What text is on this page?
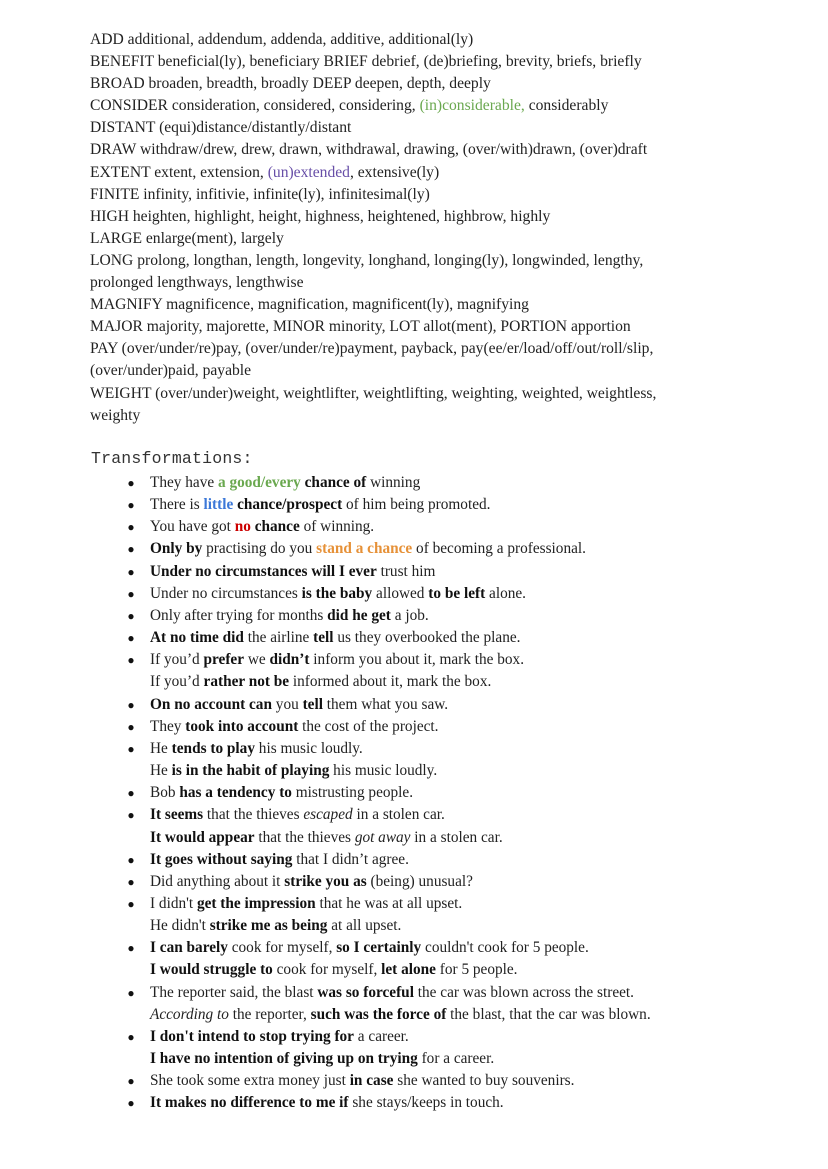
ADD additional, addendum, addenda, additive, additional(ly)

BENEFIT beneficial(ly), beneficiary BRIEF debrief, (de)briefing, brevity, briefs, briefly

BROAD broaden, breadth, broadly DEEP deepen, depth, deeply

CONSIDER consideration, considered, considering, (in)considerable, considerably

DISTANT (equi)distance/distantly/distant

DRAW withdraw/drew, drew, drawn, withdrawal, drawing, (over/with)drawn, (over)draft

EXTENT extent, extension, (un)extended, extensive(ly)

FINITE infinity, infitivie, infinite(ly), infinitesimal(ly)

HIGH heighten, highlight, height, highness, heightened, highbrow, highly

LARGE enlarge(ment), largely

LONG prolong, longthan, length, longevity, longhand, longing(ly), longwinded, lengthy,

prolonged lengthways, lengthwise

MAGNIFY magnificence, magnification, magnificent(ly), magnifying

MAJOR majority, majorette, MINOR minority, LOT allot(ment), PORTION apportion

PAY (over/under/re)pay, (over/under/re)payment, payback, pay(ee/er/load/off/out/roll/slip,

(over/under)paid, payable

WEIGHT (over/under)weight, weightlifter, weightlifting, weighting, weighted, weightless,

weighty

Transformations:
● They have a good/every chance of winning
● There is little chance/prospect of him being promoted.
● You have got no chance of winning.
● Only by practising do you stand a chance of becoming a professional.
● Under no circumstances will I ever trust him
● Under no circumstances is the baby allowed to be left alone.
● Only after trying for months did he get a job.
● At no time did the airline tell us they overbooked the plane.
● If you’d prefer we didn’t inform you about it, mark the box.
If you’d rather not be informed about it, mark the box.
● On no account can you tell them what you saw.
● They took into account the cost of the project.
● He tends to play his music loudly.
He is in the habit of playing his music loudly.
● Bob has a tendency to mistrusting people.
● It seems that the thieves escaped in a stolen car.
It would appear that the thieves got away in a stolen car.
● It goes without saying that I didn’t agree.
● Did anything about it strike you as (being) unusual?
● I didn't get the impression that he was at all upset.
He didn't strike me as being at all upset.
● I can barely cook for myself, so I certainly couldn't cook for 5 people.
I would struggle to cook for myself, let alone for 5 people.
● The reporter said, the blast was so forceful the car was blown across the street.
According to the reporter, such was the force of the blast, that the car was blown.
● I don't intend to stop trying for a career.
I have no intention of giving up on trying for a career.
● She took some extra money just in case she wanted to buy souvenirs.
● It makes no difference to me if she stays/keeps in touch.
